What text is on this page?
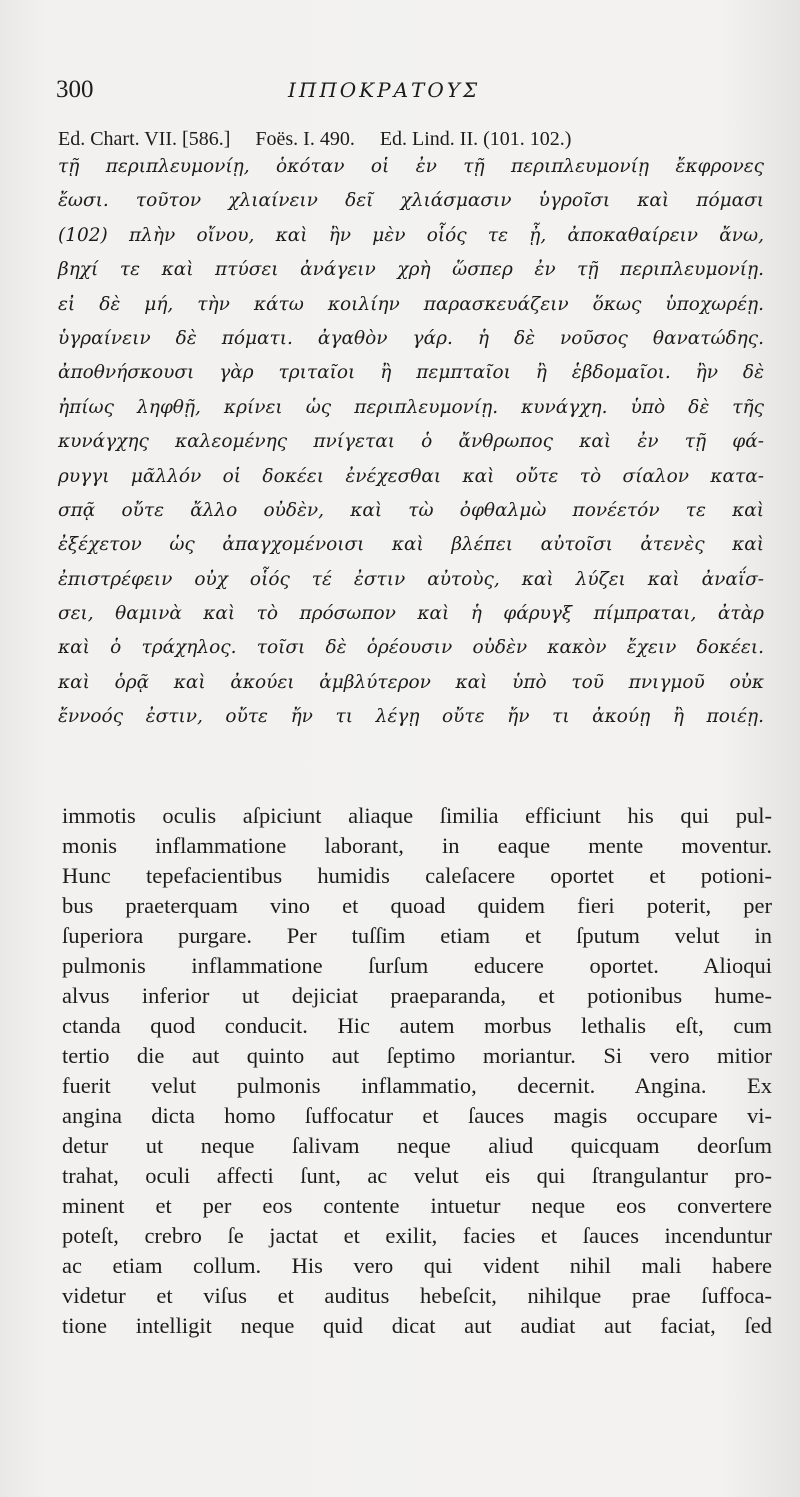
300	ΙΠΠΟΚΡΑΤΟΥΣ
Ed. Chart. VII. [586.]     Foës. I. 490.     Ed. Lind. II. (101. 102.)
τῇ περιπλευμονίῃ, ὁκόταν οἱ ἐν τῇ περιπλευμονίῃ ἔκφρονες
ἔωσι. τοῦτον χλιαίνειν δεῖ χλιάσμασιν ὑγροῖσι καὶ πόμασι
(102) πλὴν οἴνου, καὶ ἢν μὲν οἷός τε ᾖ, ἀποκαθαίρειν ἄνω,
βηχί τε καὶ πτύσει ἀνάγειν χρὴ ὥσπερ ἐν τῇ περιπλευμονίῃ.
εἰ δὲ μή, τὴν κάτω κοιλίην παρασκευάζειν ὅκως ὑποχωρέῃ.
ὑγραίνειν δὲ πόματι. ἀγαθὸν γάρ. ἡ δὲ νοῦσος θανατώδης.
ἀποθνήσκουσι γὰρ τριταῖοι ἢ πεμπταῖοι ἢ ἑβδομαῖοι. ἢν δὲ
ἠπίως ληφθῇ, κρίνει ὡς περιπλευμονίῃ. κυνάγχη. ὑπὸ δὲ τῆς
κυνάγχης καλεομένης πνίγεται ὁ ἄνθρωπος καὶ ἐν τῇ φά-
ρυγγι μᾶλλόν οἱ δοκέει ἐνέχεσθαι καὶ οὔτε τὸ σίαλον κατα-
σπᾷ οὔτε ἄλλο οὐδὲν, καὶ τὼ ὀφθαλμὼ πονέετόν τε καὶ
ἐξέχετον ὡς ἀπαγχομένοισι καὶ βλέπει αὐτοῖσι ἀτενὲς καὶ
ἐπιστρέφειν οὐχ οἷός τέ ἐστιν αὐτοὺς, καὶ λύζει καὶ ἀναΐσ-
σει, θαμινὰ καὶ τὸ πρόσωπον καὶ ἡ φάρυγξ πίμπραται, ἀτὰρ
καὶ ὁ τράχηλος. τοῖσι δὲ ὁρέουσιν οὐδὲν κακὸν ἔχειν δοκέει.
καὶ ὁρᾷ καὶ ἀκούει ἀμβλύτερον καὶ ὑπὸ τοῦ πνιγμοῦ οὐκ
ἔννοός ἐστιν, οὔτε ἤν τι λέγῃ οὔτε ἤν τι ἀκούῃ ἢ ποιέῃ.
immotis oculis aſpiciunt aliaque ſimilia efficiunt his qui pul-
monis inflammatione laborant, in eaque mente moventur.
Hunc tepefacientibus humidis caleſacere oportet et potioni-
bus praeterquam vino et quoad quidem fieri poterit, per
ſuperiora purgare. Per tuſſim etiam et ſputum velut in
pulmonis inflammatione ſurſum educere oportet. Alioqui
alvus inferior ut dejiciat praeparanda, et potionibus hume-
ctanda quod conducit. Hic autem morbus lethalis eſt, cum
tertio die aut quinto aut ſeptimo moriantur. Si vero mitior
fuerit velut pulmonis inflammatio, decernit. Angina. Ex
angina dicta homo ſuffocatur et ſauces magis occupare vi-
detur ut neque ſalivam neque aliud quicquam deorſum
trahat, oculi affecti ſunt, ac velut eis qui ſtrangulantur pro-
minent et per eos contente intuetur neque eos convertere
poteſt, crebro ſe jactat et exilit, facies et ſauces incenduntur
ac etiam collum. His vero qui vident nihil mali habere
videtur et viſus et auditus hebeſcit, nihilque prae ſuffoca-
tione intelligit neque quid dicat aut audiat aut faciat, ſed
